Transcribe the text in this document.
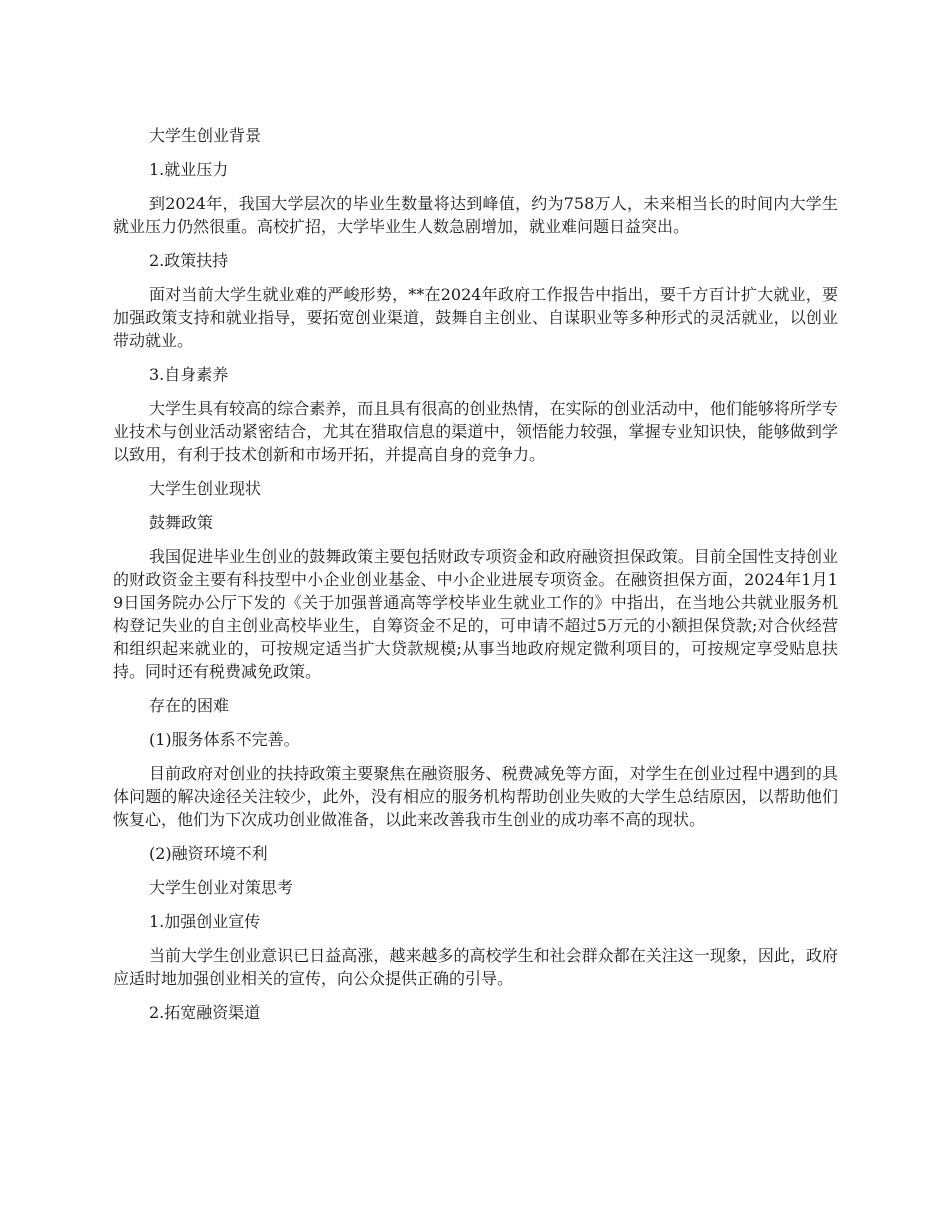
大学生创业背景

1.就业压力

到2024年，我国大学层次的毕业生数量将达到峰值，约为758万人，未来相当长的时间内大学生就业压力仍然很重。高校扩招，大学毕业生人数急剧增加，就业难问题日益突出。

2.政策扶持

面对当前大学生就业难的严峻形势，**在2024年政府工作报告中指出，要千方百计扩大就业，要加强政策支持和就业指导，要拓宽创业渠道，鼓舞自主创业、自谋职业等多种形式的灵活就业，以创业带动就业。

3.自身素养

大学生具有较高的综合素养，而且具有很高的创业热情，在实际的创业活动中，他们能够将所学专业技术与创业活动紧密结合，尤其在猎取信息的渠道中，领悟能力较强，掌握专业知识快，能够做到学以致用，有利于技术创新和市场开拓，并提高自身的竞争力。

大学生创业现状

鼓舞政策

我国促进毕业生创业的鼓舞政策主要包括财政专项资金和政府融资担保政策。目前全国性支持创业的财政资金主要有科技型中小企业创业基金、中小企业进展专项资金。在融资担保方面，2024年1月19日国务院办公厅下发的《关于加强普通高等学校毕业生就业工作的》中指出，在当地公共就业服务机构登记失业的自主创业高校毕业生，自筹资金不足的，可申请不超过5万元的小额担保贷款;对合伙经营和组织起来就业的，可按规定适当扩大贷款规模;从事当地政府规定微利项目的，可按规定享受贴息扶持。同时还有税费减免政策。

存在的困难

(1)服务体系不完善。

目前政府对创业的扶持政策主要聚焦在融资服务、税费减免等方面，对学生在创业过程中遇到的具体问题的解决途径关注较少，此外，没有相应的服务机构帮助创业失败的大学生总结原因，以帮助他们恢复心，他们为下次成功创业做准备，以此来改善我市生创业的成功率不高的现状。

(2)融资环境不利

大学生创业对策思考

1.加强创业宣传

当前大学生创业意识已日益高涨，越来越多的高校学生和社会群众都在关注这一现象，因此，政府应适时地加强创业相关的宣传，向公众提供正确的引导。

2.拓宽融资渠道
